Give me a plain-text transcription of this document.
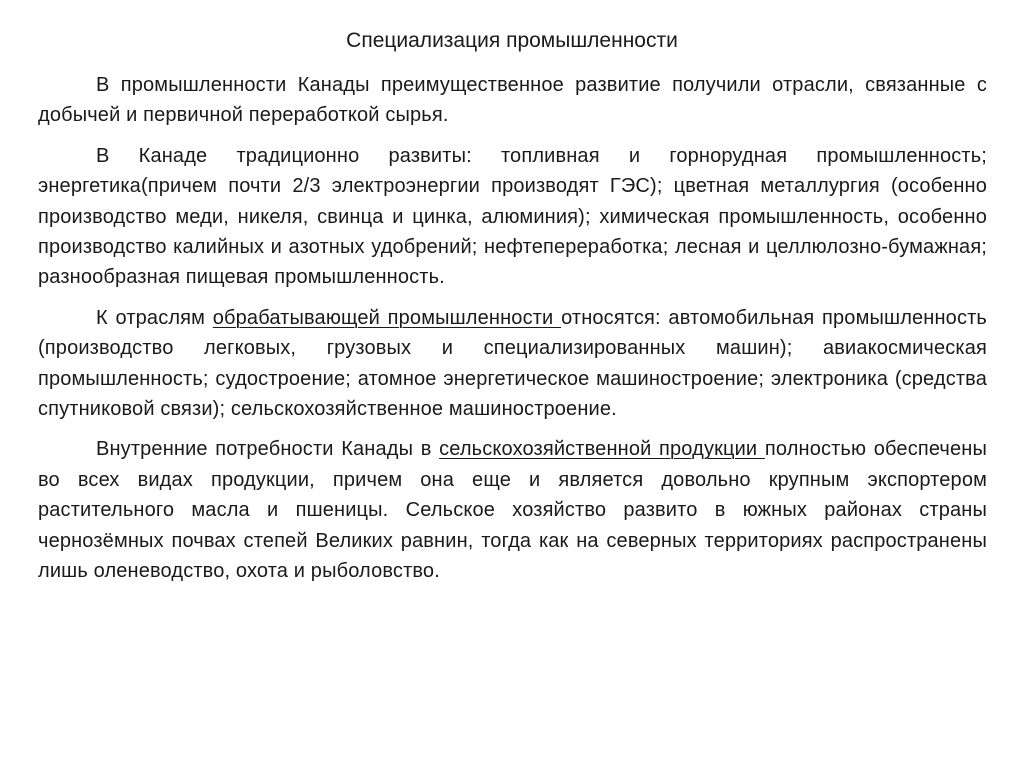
Специализация промышленности

В промышленности Канады преимущественное развитие получили отрасли, связанные с добычей и первичной переработкой сырья.

В Канаде традиционно развиты: топливная и горнорудная промышленность; энергетика(причем почти 2/3 электроэнергии производят ГЭС); цветная металлургия (особенно производство меди, никеля, свинца и цинка, алюминия); химическая промышленность, особенно производство калийных и азотных удобрений; нефтепереработка; лесная и целлюлозно-бумажная; разнообразная пищевая промышленность.

К отраслям обрабатывающей промышленности относятся: автомобильная промышленность (производство легковых, грузовых и специализированных машин); авиакосмическая промышленность; судостроение; атомное энергетическое машиностроение; электроника (средства спутниковой связи); сельскохозяйственное машиностроение.

Внутренние потребности Канады в сельскохозяйственной продукции полностью обеспечены во всех видах продукции, причем она еще и является довольно крупным экспортером растительного масла и пшеницы. Сельское хозяйство развито в южных районах страны чернозёмных почвах степей Великих равнин, тогда как на северных территориях распространены лишь оленеводство, охота и рыболовство.
